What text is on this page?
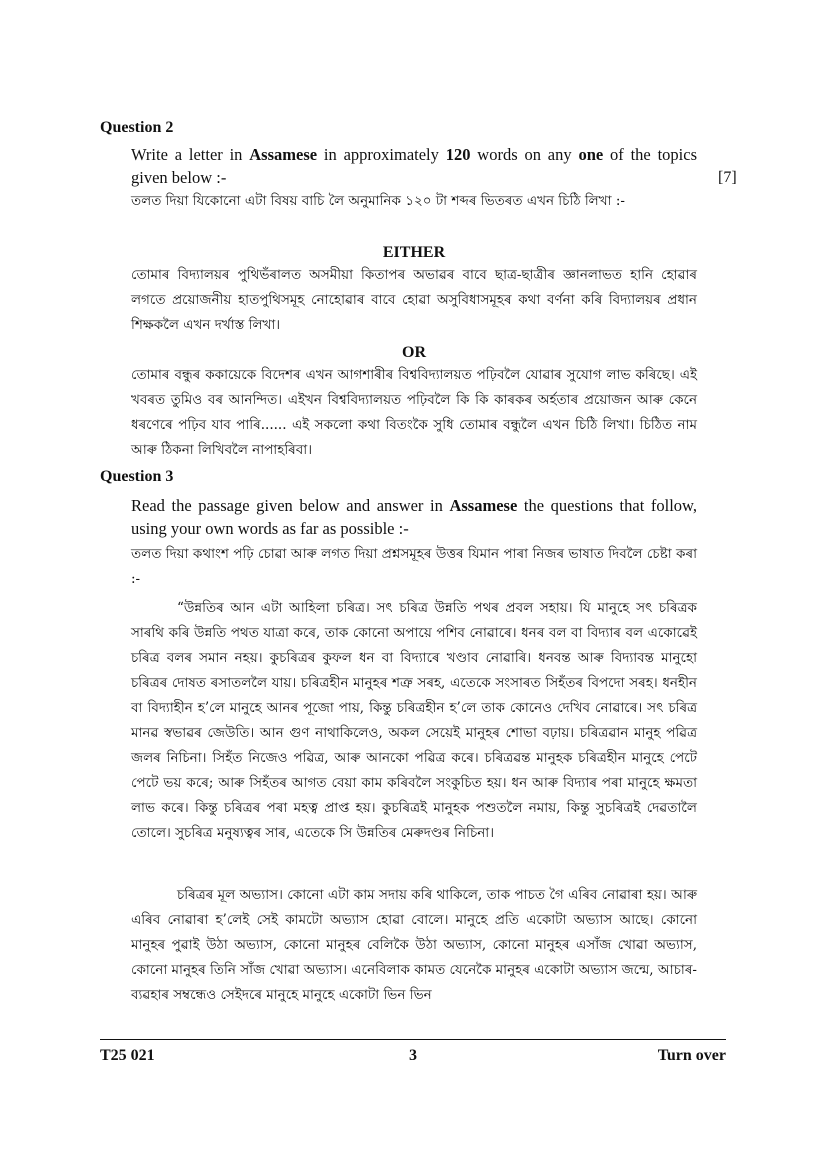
Question 2
Write a letter in Assamese in approximately 120 words on any one of the topics given below :-	[7]
তলত দিয়া যিকোনো এটা বিষয় বাচি লৈ অনুমানিক ১২০ টা শব্দৰ ভিতৰত এখন চিঠি লিখা :-
EITHER
তোমাৰ বিদ্যালয়ৰ পুথিভঁৰালত অসমীয়া কিতাপৰ অভাৱৰ বাবে ছাত্ৰ-ছাত্ৰীৰ জ্ঞানলাভত হানি হোৱাৰ লগতে প্ৰয়োজনীয় হাতপুথিসমূহ নোহোৱাৰ বাবে হোৱা অসুবিধাসমূহৰ কথা বৰ্ণনা কৰি বিদ্যালয়ৰ প্ৰধান শিক্ষকলৈ এখন দৰ্খাস্ত লিখা।
OR
তোমাৰ বন্ধুৰ ককায়েকে বিদেশৰ এখন আগশাৰীৰ বিশ্ববিদ্যালয়ত পঢ়িবলৈ যোৱাৰ সুযোগ লাভ কৰিছে। এই খবৰত তুমিও বৰ আনন্দিত। এইখন বিশ্ববিদ্যালয়ত পঢ়িবলৈ কি কি কাৰকৰ অৰ্হতাৰ প্ৰয়োজন আৰু কেনে ধৰণেৰে পঢ়িব যাব পাৰি...... এই সকলো কথা বিতংকৈ সুধি তোমাৰ বন্ধুলৈ এখন চিঠি লিখা। চিঠিত নাম আৰু ঠিকনা লিখিবলৈ নাপাহৰিবা।
Question 3
Read the passage given below and answer in Assamese the questions that follow, using your own words as far as possible :-
তলত দিয়া কথাংশ পঢ়ি চোৱা আৰু লগত দিয়া প্ৰশ্নসমূহৰ উত্তৰ যিমান পাৰা নিজৰ ভাষাত দিবলৈ চেষ্টা কৰা :-
“উন্নতিৰ আন এটা আহিলা চৰিত্ৰ। সৎ চৰিত্ৰ উন্নতি পথৰ প্ৰবল সহায়। যি মানুহে সৎ চৰিত্ৰক সাৰথি কৰি উন্নতি পথত যাত্ৰা কৰে, তাক কোনো অপায়ে পশিব নোৱাৰে। ধনৰ বল বা বিদ্যাৰ বল একোৱেই চৰিত্ৰ বলৰ সমান নহয়। কুচৰিত্ৰৰ কুফল ধন বা বিদ্যাৰে খণ্ডাব নোৱাৰি। ধনবন্ত আৰু বিদ্যাবন্ত মানুহো চৰিত্ৰৰ দোষত ৰসাতললৈ যায়। চৰিত্ৰহীন মানুহৰ শত্ৰু সৰহ, এতেকে সংসাৰত সিহঁতৰ বিপদো সৰহ। ধনহীন বা বিদ্যাহীন হ’লে মানুহে আনৰ পূজো পায়, কিন্তু চৰিত্ৰহীন হ’লে তাক কোনেও দেখিব নোৱাৰে। সৎ চৰিত্ৰ মানৱ স্বভাৱৰ জেউতি। আন গুণ নাথাকিলেও, অকল সেয়েই মানুহৰ শোভা বঢ়ায়। চৰিত্ৰৱান মানুহ পৱিত্ৰ জলৰ নিচিনা। সিহঁত নিজেও পৱিত্ৰ, আৰু আনকো পৱিত্ৰ কৰে। চৰিত্ৰৱন্ত মানুহক চৰিত্ৰহীন মানুহে পেটে পেটে ভয় কৰে; আৰু সিহঁতৰ আগত বেয়া কাম কৰিবলৈ সংকুচিত হয়। ধন আৰু বিদ্যাৰ পৰা মানুহে ক্ষমতা লাভ কৰে। কিন্তু চৰিত্ৰৰ পৰা মহত্ব প্ৰাপ্ত হয়। কুচৰিত্ৰই মানুহক পশুতলৈ নমায়, কিন্তু সুচৰিত্ৰই দেৱতালৈ তোলে। সুচৰিত্ৰ মনুষ্যত্বৰ সাৰ, এতেকে সি উন্নতিৰ মেৰুদণ্ডৰ নিচিনা।
চৰিত্ৰৰ মূল অভ্যাস। কোনো এটা কাম সদায় কৰি থাকিলে, তাক পাচত গৈ এৰিব নোৱাৰা হয়। আৰু এৰিব নোৱাৰা হ’লেই সেই কামটো অভ্যাস হোৱা বোলে। মানুহে প্ৰতি একোটা অভ্যাস আছে। কোনো মানুহৰ পুৱাই উঠা অভ্যাস, কোনো মানুহৰ বেলিকৈ উঠা অভ্যাস, কোনো মানুহৰ এসাঁজ খোৱা অভ্যাস, কোনো মানুহৰ তিনি সাঁজ খোৱা অভ্যাস। এনেবিলাক কামত যেনেকৈ মানুহৰ একোটা অভ্যাস জন্মে, আচাৰ-ব্যৱহাৰ সম্বন্ধেও সেইদৰে মানুহে মানুহে একোটা ভিন ভিন
T25 021	3	Turn over
